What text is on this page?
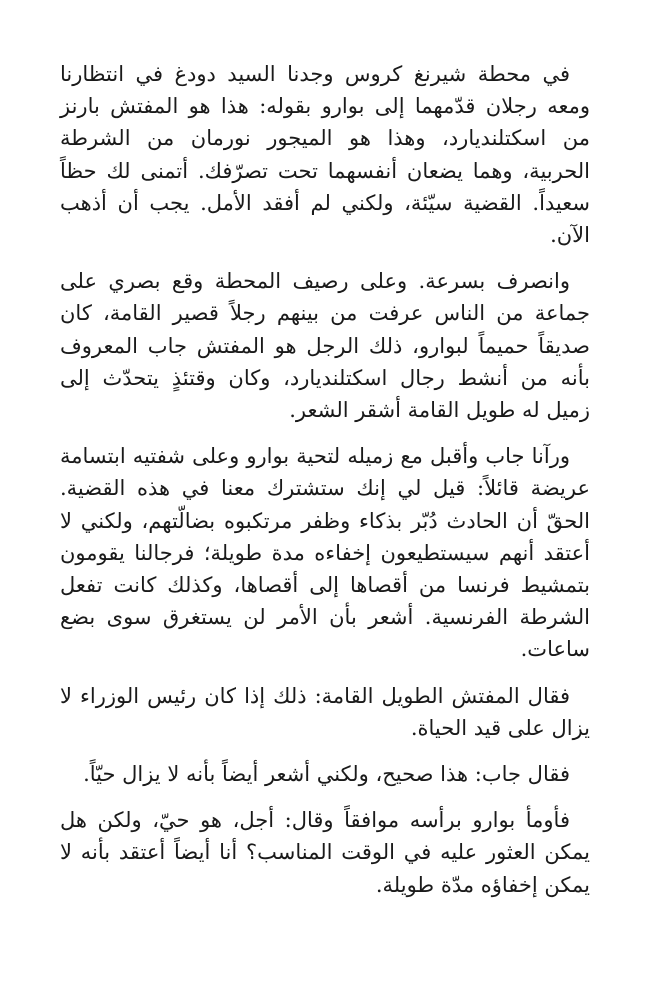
في محطة شيرنغ كروس وجدنا السيد دودغ في انتظارنا ومعه رجلان قدّمهما إلى بوارو بقوله: هذا هو المفتش بارنز من اسكتلنديارد، وهذا هو الميجور نورمان من الشرطة الحربية، وهما يضعان أنفسهما تحت تصرّفك. أتمنى لك حظاً سعيداً. القضية سيّئة، ولكني لم أفقد الأمل. يجب أن أذهب الآن.

وانصرف بسرعة. وعلى رصيف المحطة وقع بصري على جماعة من الناس عرفت من بينهم رجلاً قصير القامة، كان صديقاً حميماً لبوارو، ذلك الرجل هو المفتش جاب المعروف بأنه من أنشط رجال اسكتلنديارد، وكان وقتئذٍ يتحدّث إلى زميل له طويل القامة أشقر الشعر.

ورآنا جاب وأقبل مع زميله لتحية بوارو وعلى شفتيه ابتسامة عريضة قائلاً: قيل لي إنك ستشترك معنا في هذه القضية. الحقّ أن الحادث دُبّر بذكاء وظفر مرتكبوه بضالّتهم، ولكني لا أعتقد أنهم سيستطيعون إخفاءه مدة طويلة؛ فرجالنا يقومون بتمشيط فرنسا من أقصاها إلى أقصاها، وكذلك كانت تفعل الشرطة الفرنسية. أشعر بأن الأمر لن يستغرق سوى بضع ساعات.

فقال المفتش الطويل القامة: ذلك إذا كان رئيس الوزراء لا يزال على قيد الحياة.

فقال جاب: هذا صحيح، ولكني أشعر أيضاً بأنه لا يزال حيّاً.

فأومأ بوارو برأسه موافقاً وقال: أجل، هو حيّ، ولكن هل يمكن العثور عليه في الوقت المناسب؟ أنا أيضاً أعتقد بأنه لا يمكن إخفاؤه مدّة طويلة.
